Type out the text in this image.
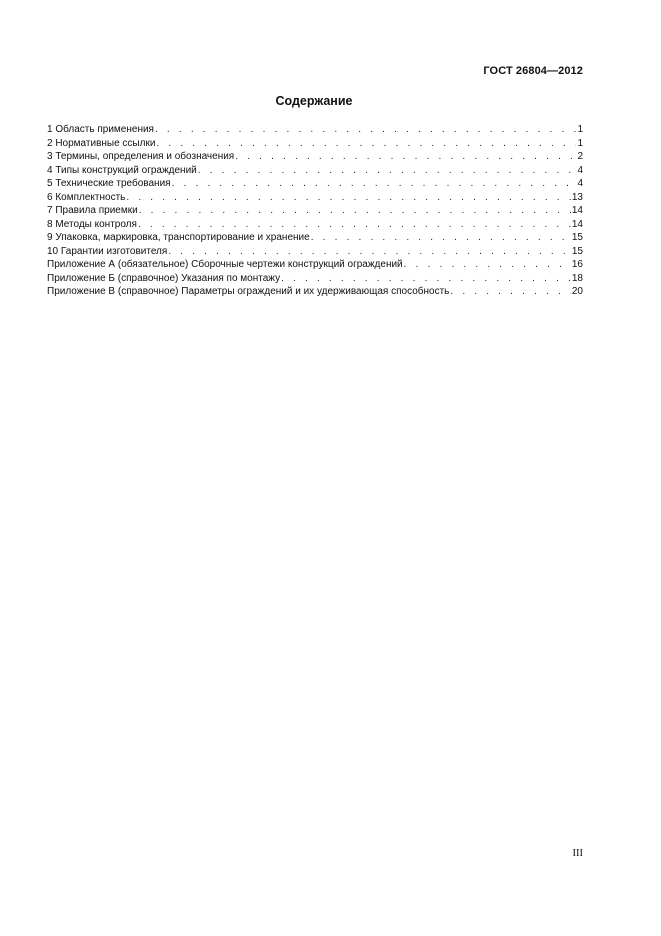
ГОСТ 26804—2012
Содержание
1 Область применения . . .	1
2 Нормативные ссылки . . .	1
3 Термины, определения и обозначения . . .	2
4 Типы конструкций ограждений . . .	4
5 Технические требования . . .	4
6 Комплектность . . .	13
7 Правила приемки . . .	14
8 Методы контроля . . .	14
9 Упаковка, маркировка, транспортирование и хранение . . .	15
10 Гарантии изготовителя . . .	15
Приложение А (обязательное) Сборочные чертежи конструкций ограждений . . .	16
Приложение Б (справочное) Указания по монтажу . . .	18
Приложение В (справочное) Параметры ограждений и их удерживающая способность . . .	20
III
